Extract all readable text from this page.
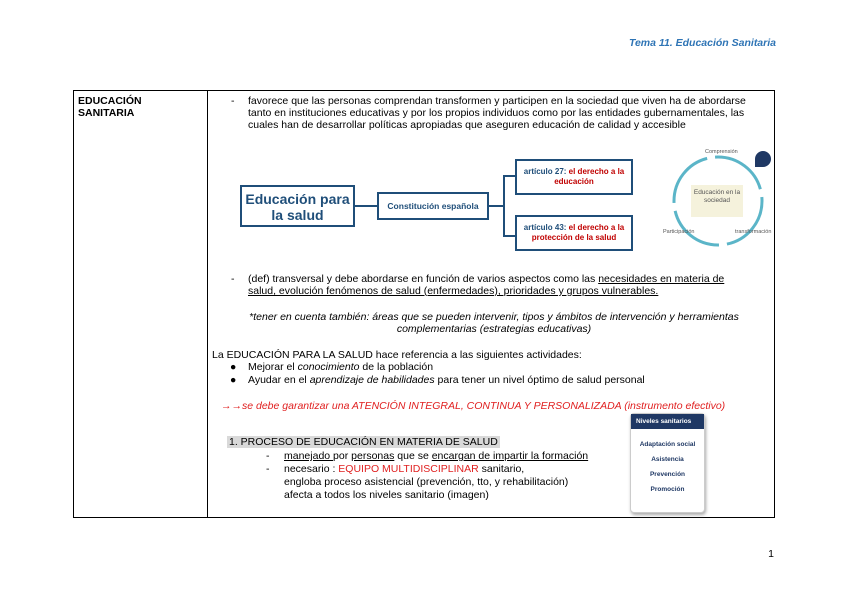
Tema 11. Educación Sanitaria
EDUCACIÓN SANITARIA
- favorece que las personas comprendan transformen y participen en la sociedad que viven ha de abordarse tanto en instituciones educativas y por los propios individuos como por las entidades gubernamentales, las cuales han de desarrollar políticas apropiadas que aseguren educación de calidad y accesible
Educación para la salud
Constitución española
artículo 27: el derecho a la educación
artículo 43: el derecho a la protección de la salud
Educación en la sociedad
Comprensión
Participación	transformación
- (def) transversal y debe abordarse en función de varios aspectos como las necesidades en materia de salud, evolución fenómenos de salud (enfermedades), prioridades y grupos vulnerables.
*tener en cuenta también: áreas que se pueden intervenir, tipos y ámbitos de intervención y herramientas complementarias (estrategias educativas)
La EDUCACIÓN PARA LA SALUD hace referencia a las siguientes actividades:
● Mejorar el conocimiento de la población
● Ayudar en el aprendizaje de habilidades para tener un nivel óptimo de salud personal
→→se debe garantizar una ATENCIÓN INTEGRAL, CONTINUA Y PERSONALIZADA (instrumento efectivo)
1. PROCESO DE EDUCACIÓN EN MATERIA DE SALUD
- manejado por personas que se encargan de impartir la formación
- necesario : EQUIPO MULTIDISCIPLINAR sanitario,
engloba proceso asistencial (prevención, tto, y rehabilitación)
afecta a todos los niveles sanitario (imagen)
Niveles sanitarios
Adaptación social
Asistencia
Prevención
Promoción
1
